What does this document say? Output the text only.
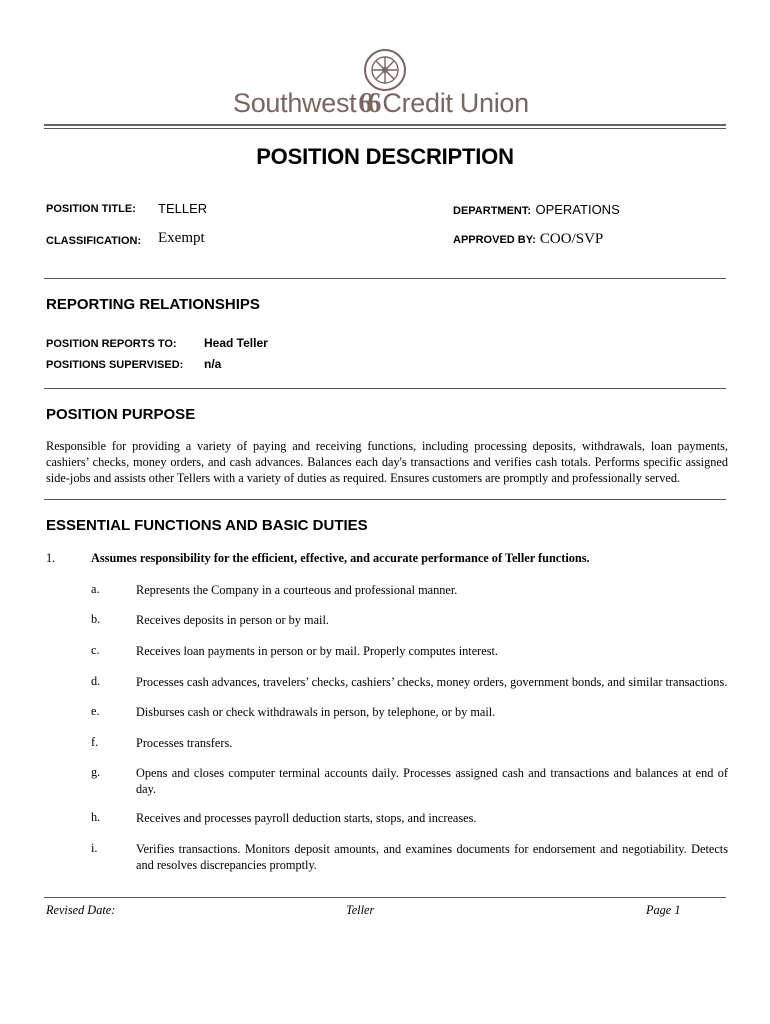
Southwest66 Credit Union
POSITION DESCRIPTION
POSITION TITLE: TELLER	DEPARTMENT: OPERATIONS
CLASSIFICATION: Exempt	APPROVED BY: COO/SVP
REPORTING RELATIONSHIPS
POSITION REPORTS TO: Head Teller
POSITIONS SUPERVISED: n/a
POSITION PURPOSE
Responsible for providing a variety of paying and receiving functions, including processing deposits, withdrawals, loan payments, cashiers’ checks, money orders, and cash advances. Balances each day's transactions and verifies cash totals. Performs specific assigned side-jobs and assists other Tellers with a variety of duties as required. Ensures customers are promptly and professionally served.
ESSENTIAL FUNCTIONS AND BASIC DUTIES
1.	Assumes responsibility for the efficient, effective, and accurate performance of Teller functions.
a.	Represents the Company in a courteous and professional manner.
b.	Receives deposits in person or by mail.
c.	Receives loan payments in person or by mail. Properly computes interest.
d.	Processes cash advances, travelers’ checks, cashiers’ checks, money orders, government bonds, and similar transactions.
e.	Disburses cash or check withdrawals in person, by telephone, or by mail.
f.	Processes transfers.
g.	Opens and closes computer terminal accounts daily. Processes assigned cash and transactions and balances at end of day.
h.	Receives and processes payroll deduction starts, stops, and increases.
i.	Verifies transactions. Monitors deposit amounts, and examines documents for endorsement and negotiability. Detects and resolves discrepancies promptly.
Revised Date:	Teller	Page 1
